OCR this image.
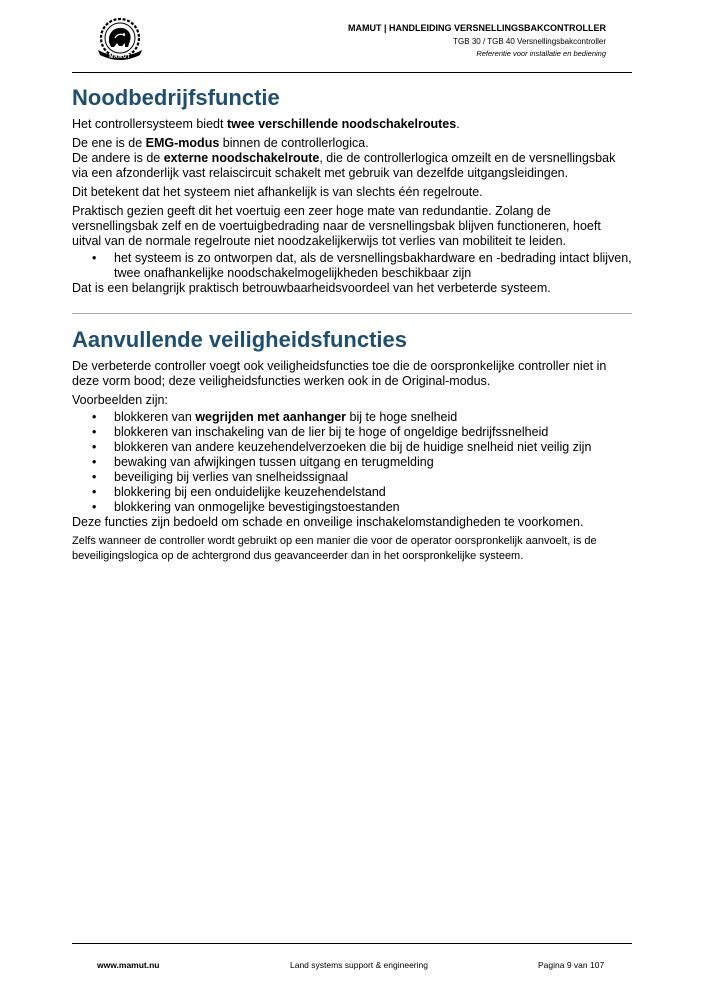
MAMUT
MAMUT | HANDLEIDING VERSNELLINGSBAKCONTROLLER
TGB 30 / TGB 40 Versnellingsbakcontroller
Referentie voor installatie en bediening
Noodbedrijfsfunctie

Het controllersysteem biedt twee verschillende noodschakelroutes.

De ene is de EMG-modus binnen de controllerlogica.
De andere is de externe noodschakelroute, die de controllerlogica omzeilt en de versnellingsbak via een afzonderlijk vast relaiscircuit schakelt met gebruik van dezelfde uitgangsleidingen.

Dit betekent dat het systeem niet afhankelijk is van slechts één regelroute.

Praktisch gezien geeft dit het voertuig een zeer hoge mate van redundantie. Zolang de versnellingsbak zelf en de voertuigbedrading naar de versnellingsbak blijven functioneren, hoeft uitval van de normale regelroute niet noodzakelijkerwijs tot verlies van mobiliteit te leiden.

• het systeem is zo ontworpen dat, als de versnellingsbakhardware en -bedrading intact blijven, twee onafhankelijke noodschakelmogelijkheden beschikbaar zijn

Dat is een belangrijk praktisch betrouwbaarheidsvoordeel van het verbeterde systeem.

Aanvullende veiligheidsfuncties

De verbeterde controller voegt ook veiligheidsfuncties toe die de oorspronkelijke controller niet in deze vorm bood; deze veiligheidsfuncties werken ook in de Original-modus.

Voorbeelden zijn:

• blokkeren van wegrijden met aanhanger bij te hoge snelheid
• blokkeren van inschakeling van de lier bij te hoge of ongeldige bedrijfssnelheid
• blokkeren van andere keuzehendelverzoeken die bij de huidige snelheid niet veilig zijn
• bewaking van afwijkingen tussen uitgang en terugmelding
• beveiliging bij verlies van snelheidssignaal
• blokkering bij een onduidelijke keuzehendelstand
• blokkering van onmogelijke bevestigingstoestanden

Deze functies zijn bedoeld om schade en onveilige inschakelomstandigheden te voorkomen.

Zelfs wanneer de controller wordt gebruikt op een manier die voor de operator oorspronkelijk aanvoelt, is de beveiligingslogica op de achtergrond dus geavanceerder dan in het oorspronkelijke systeem.

www.mamut.nu	Land systems support & engineering	Pagina 9 van 107
